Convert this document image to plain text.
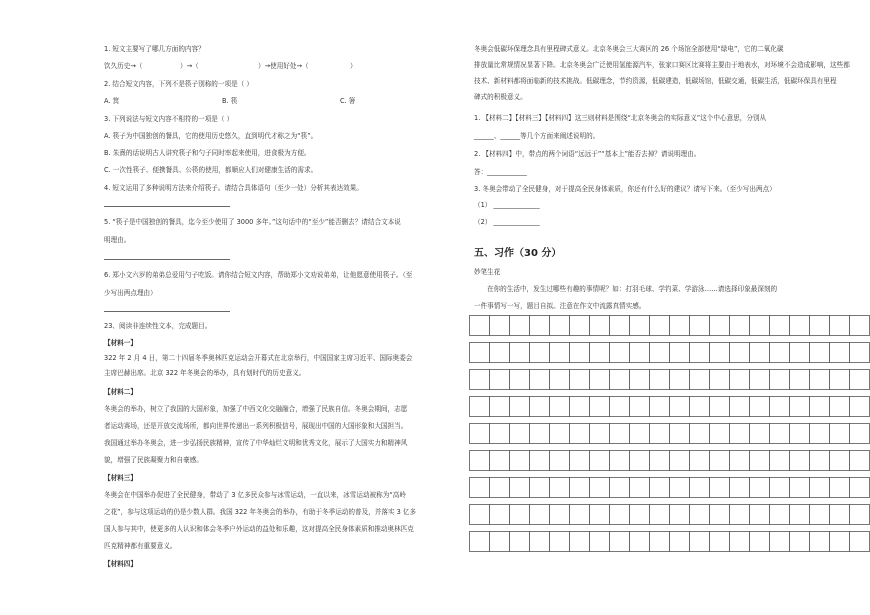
1. 短文主要写了哪几方面的内容？
饮久历史→（	）→（	）→使用好处→（	）
2. 结合短文内容，下列不是筷子别称的一项是（ ）
A. 箕	B. 筷	C. 箸
3. 下列说法与短文内容不相符的一项是（ ）
A. 筷子为中国独创的餐具，它的使用历史悠久，直到明代才称之为“筷”。
B. 朱熹的话说明古人讲究筷子和勺子同时率起来使用，进食极为方便。
C. 一次性筷子、便携餐具、公筷的使用，都顺应人们对健康生活的需求。
4. 短文运用了多种说明方法来介绍筷子。请结合具体语句（至少一处）分析其表达效果。
5. “筷子是中国独创的餐具，迄今至少使用了 3000 多年。”这句话中的“至少”能否删去？请结合文本说
明理由。
6. 郑小文六岁的弟弟总爱用勺子吃饭。请你结合短文内容，帮助郑小文劝说弟弟，让他愿意使用筷子。（至
少写出两点理由）
23、阅读非连续性文本，完成题目。
【材料一】
322 年 2 月 4 日，第二十四届冬季奥林匹克运动会开幕式在北京举行，中国国家主席习近平、国际奥委会
主席巴赫出席。北京 322 年冬奥会的举办，具有划时代的历史意义。
【材料二】
冬奥会的举办，树立了我国的大国形象，加强了中西文化交融融合，增强了民族自信。冬奥会期间，志愿
者运动赛场，还是开放交流场所，都向世界传递出一系列积极信号，展现出中国的大国形象和大国担当。
我国通过举办冬奥会，进一步弘扬民族精神，宣传了中华灿烂文明和优秀文化，展示了大国实力和精神风
貌，增强了民族凝聚力和自豪感。
【材料三】
冬奥会在中国举办促进了全民健身，带动了 3 亿多民众参与冰雪运动，一直以来，冰雪运动被称为“高岭
之花”，参与这项运动的仍是少数人群。我国 322 年冬奥会的举办，有助于冬季运动的普及，并落实 3 亿多
国人参与其中，使更多的人认识和体会冬季户外运动的益处和乐趣，这对提高全民身体素质和推动奥林匹克
匹克精神都有重要意义。
【材料四】
冬奥会低碳环保理念具有里程碑式意义。北京冬奥会三大赛区的 26 个场馆全部使用“绿电”，它的二氧化碳
排放量比常规情况显著下降。北京冬奥会广泛使用氢能源汽车，张家口赛区比赛将主要由于地表水，对环境不会造成影响，这些都
技术、新材料都将面临新的技术挑战。低碳理念，节约资源，低碳建造，低碳场馆，低碳交通，低碳生活，低碳环保具有里程
碑式的积极意义。
1. 【材料二】【材料三】【材料四】这三则材料是围绕“北京冬奥会的实际意义”这个中心意思，分别从
______、______等几个方面来阐述说明的。
2. 【材料四】中，带点的两个词语“远远于”“基本上”能否去掉？请说明理由。
答：____________
3. 冬奥会带动了全民健身，对于提高全民身体素质，你还有什么好的建议？请写下来。（至少写出两点）
（1） ______________
（2） ______________
五、习作（30 分）
妙笔生花
在你的生活中，发生过哪些有趣的事情呢？如：打羽毛球、学钓菜、学游泳……请选择印象最深刻的
一件事情写一写，题目自拟。注意在作文中流露真情实感。
